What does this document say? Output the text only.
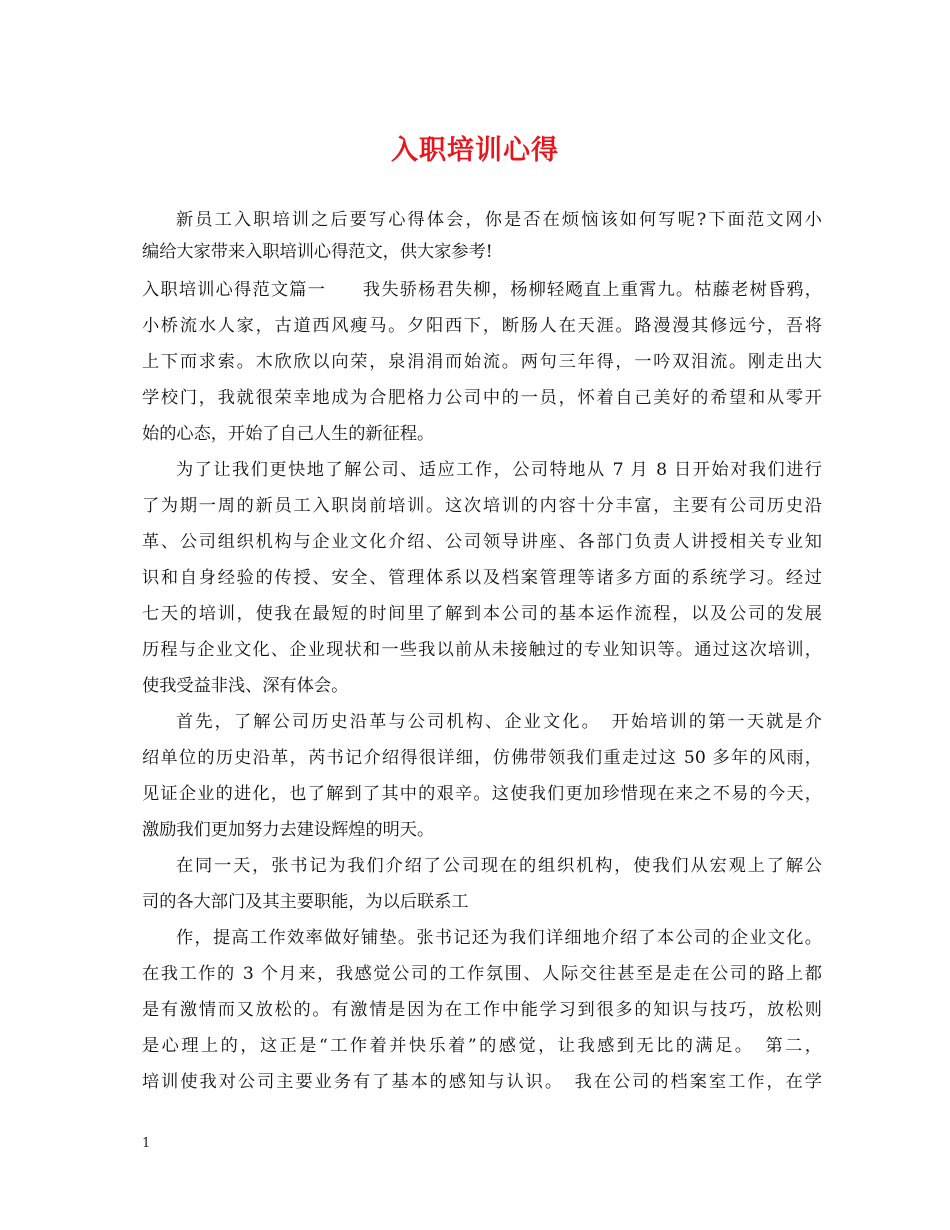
入职培训心得
新员工入职培训之后要写心得体会，你是否在烦恼该如何写呢?下面范文网小
编给大家带来入职培训心得范文，供大家参考!
入职培训心得范文篇一　　我失骄杨君失柳，杨柳轻飏直上重霄九。枯藤老树昏鸦，
小桥流水人家，古道西风瘦马。夕阳西下，断肠人在天涯。路漫漫其修远兮，吾将
上下而求索。木欣欣以向荣，泉涓涓而始流。两句三年得，一吟双泪流。刚走出大
学校门，我就很荣幸地成为合肥格力公司中的一员，怀着自己美好的希望和从零开
始的心态，开始了自己人生的新征程。
为了让我们更快地了解公司、适应工作，公司特地从 7 月 8 日开始对我们进行
了为期一周的新员工入职岗前培训。这次培训的内容十分丰富，主要有公司历史沿
革、公司组织机构与企业文化介绍、公司领导讲座、各部门负责人讲授相关专业知
识和自身经验的传授、安全、管理体系以及档案管理等诸多方面的系统学习。经过
七天的培训，使我在最短的时间里了解到本公司的基本运作流程，以及公司的发展
历程与企业文化、企业现状和一些我以前从未接触过的专业知识等。通过这次培训，
使我受益非浅、深有体会。
首先，了解公司历史沿革与公司机构、企业文化。　开始培训的第一天就是介
绍单位的历史沿革，芮书记介绍得很详细，仿佛带领我们重走过这 50 多年的风雨，
见证企业的进化，也了解到了其中的艰辛。这使我们更加珍惜现在来之不易的今天，
激励我们更加努力去建设辉煌的明天。
在同一天，张书记为我们介绍了公司现在的组织机构，使我们从宏观上了解公
司的各大部门及其主要职能，为以后联系工
作，提高工作效率做好铺垫。张书记还为我们详细地介绍了本公司的企业文化。
在我工作的 3 个月来，我感觉公司的工作氛围、人际交往甚至是走在公司的路上都
是有激情而又放松的。有激情是因为在工作中能学习到很多的知识与技巧，放松则
是心理上的，这正是“工作着并快乐着”的感觉，让我感到无比的满足。　第二，
培训使我对公司主要业务有了基本的感知与认识。　我在公司的档案室工作，在学
1
